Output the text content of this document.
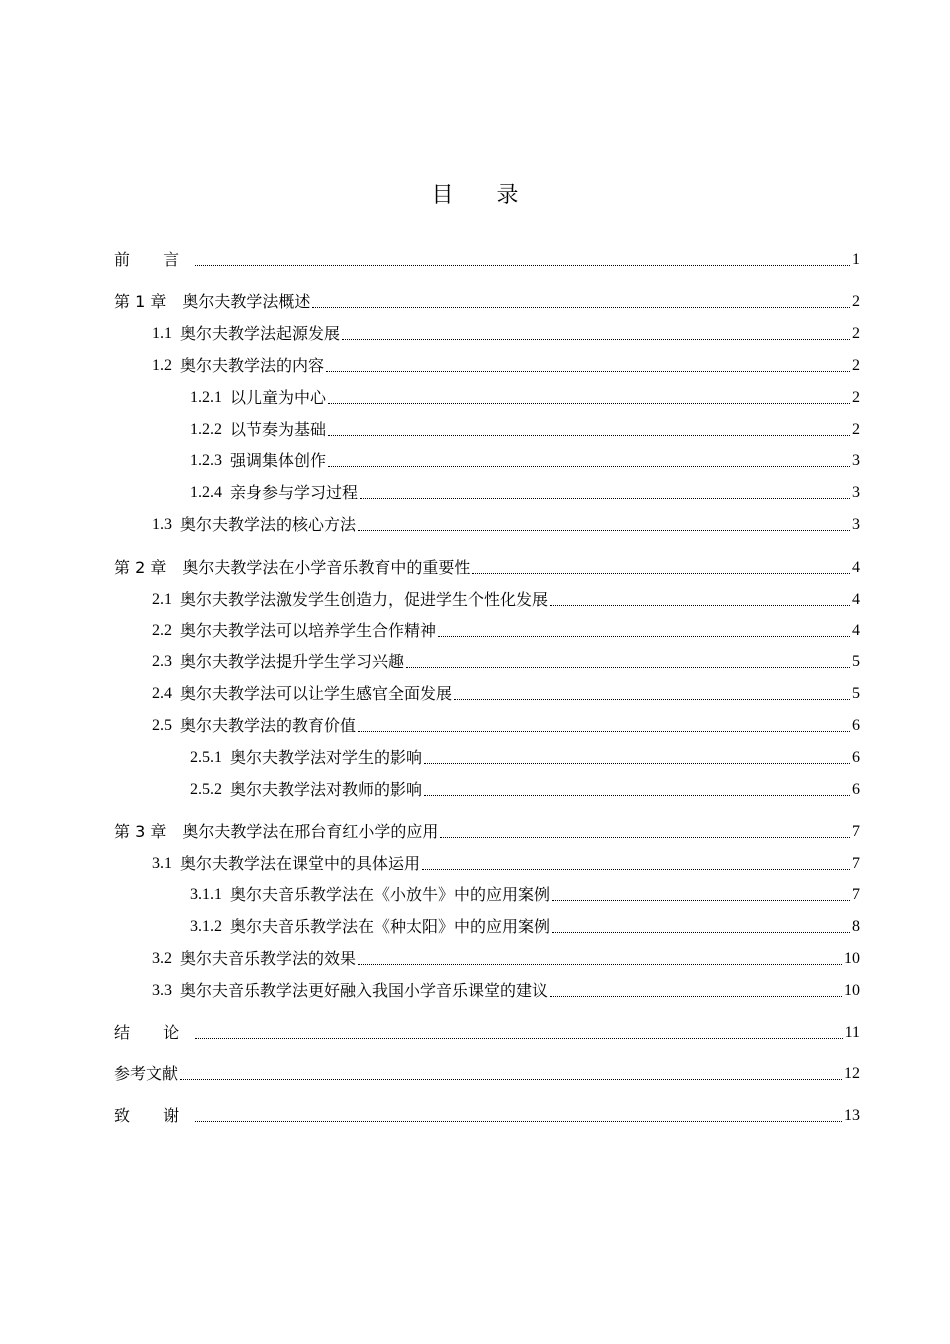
目 录
前 言	1
第 1 章 奥尔夫教学法概述	2
1.1 奥尔夫教学法起源发展	2
1.2 奥尔夫教学法的内容	2
1.2.1 以儿童为中心	2
1.2.2 以节奏为基础	2
1.2.3 强调集体创作	3
1.2.4 亲身参与学习过程	3
1.3 奥尔夫教学法的核心方法	3
第 2 章 奥尔夫教学法在小学音乐教育中的重要性	4
2.1 奥尔夫教学法激发学生创造力，促进学生个性化发展	4
2.2 奥尔夫教学法可以培养学生合作精神	4
2.3 奥尔夫教学法提升学生学习兴趣	5
2.4 奥尔夫教学法可以让学生感官全面发展	5
2.5 奥尔夫教学法的教育价值	6
2.5.1 奥尔夫教学法对学生的影响	6
2.5.2 奥尔夫教学法对教师的影响	6
第 3 章 奥尔夫教学法在邢台育红小学的应用	7
3.1 奥尔夫教学法在课堂中的具体运用	7
3.1.1 奥尔夫音乐教学法在《小放牛》中的应用案例	7
3.1.2 奥尔夫音乐教学法在《种太阳》中的应用案例	8
3.2 奥尔夫音乐教学法的效果	10
3.3 奥尔夫音乐教学法更好融入我国小学音乐课堂的建议	10
结 论	11
参考文献	12
致 谢	13
